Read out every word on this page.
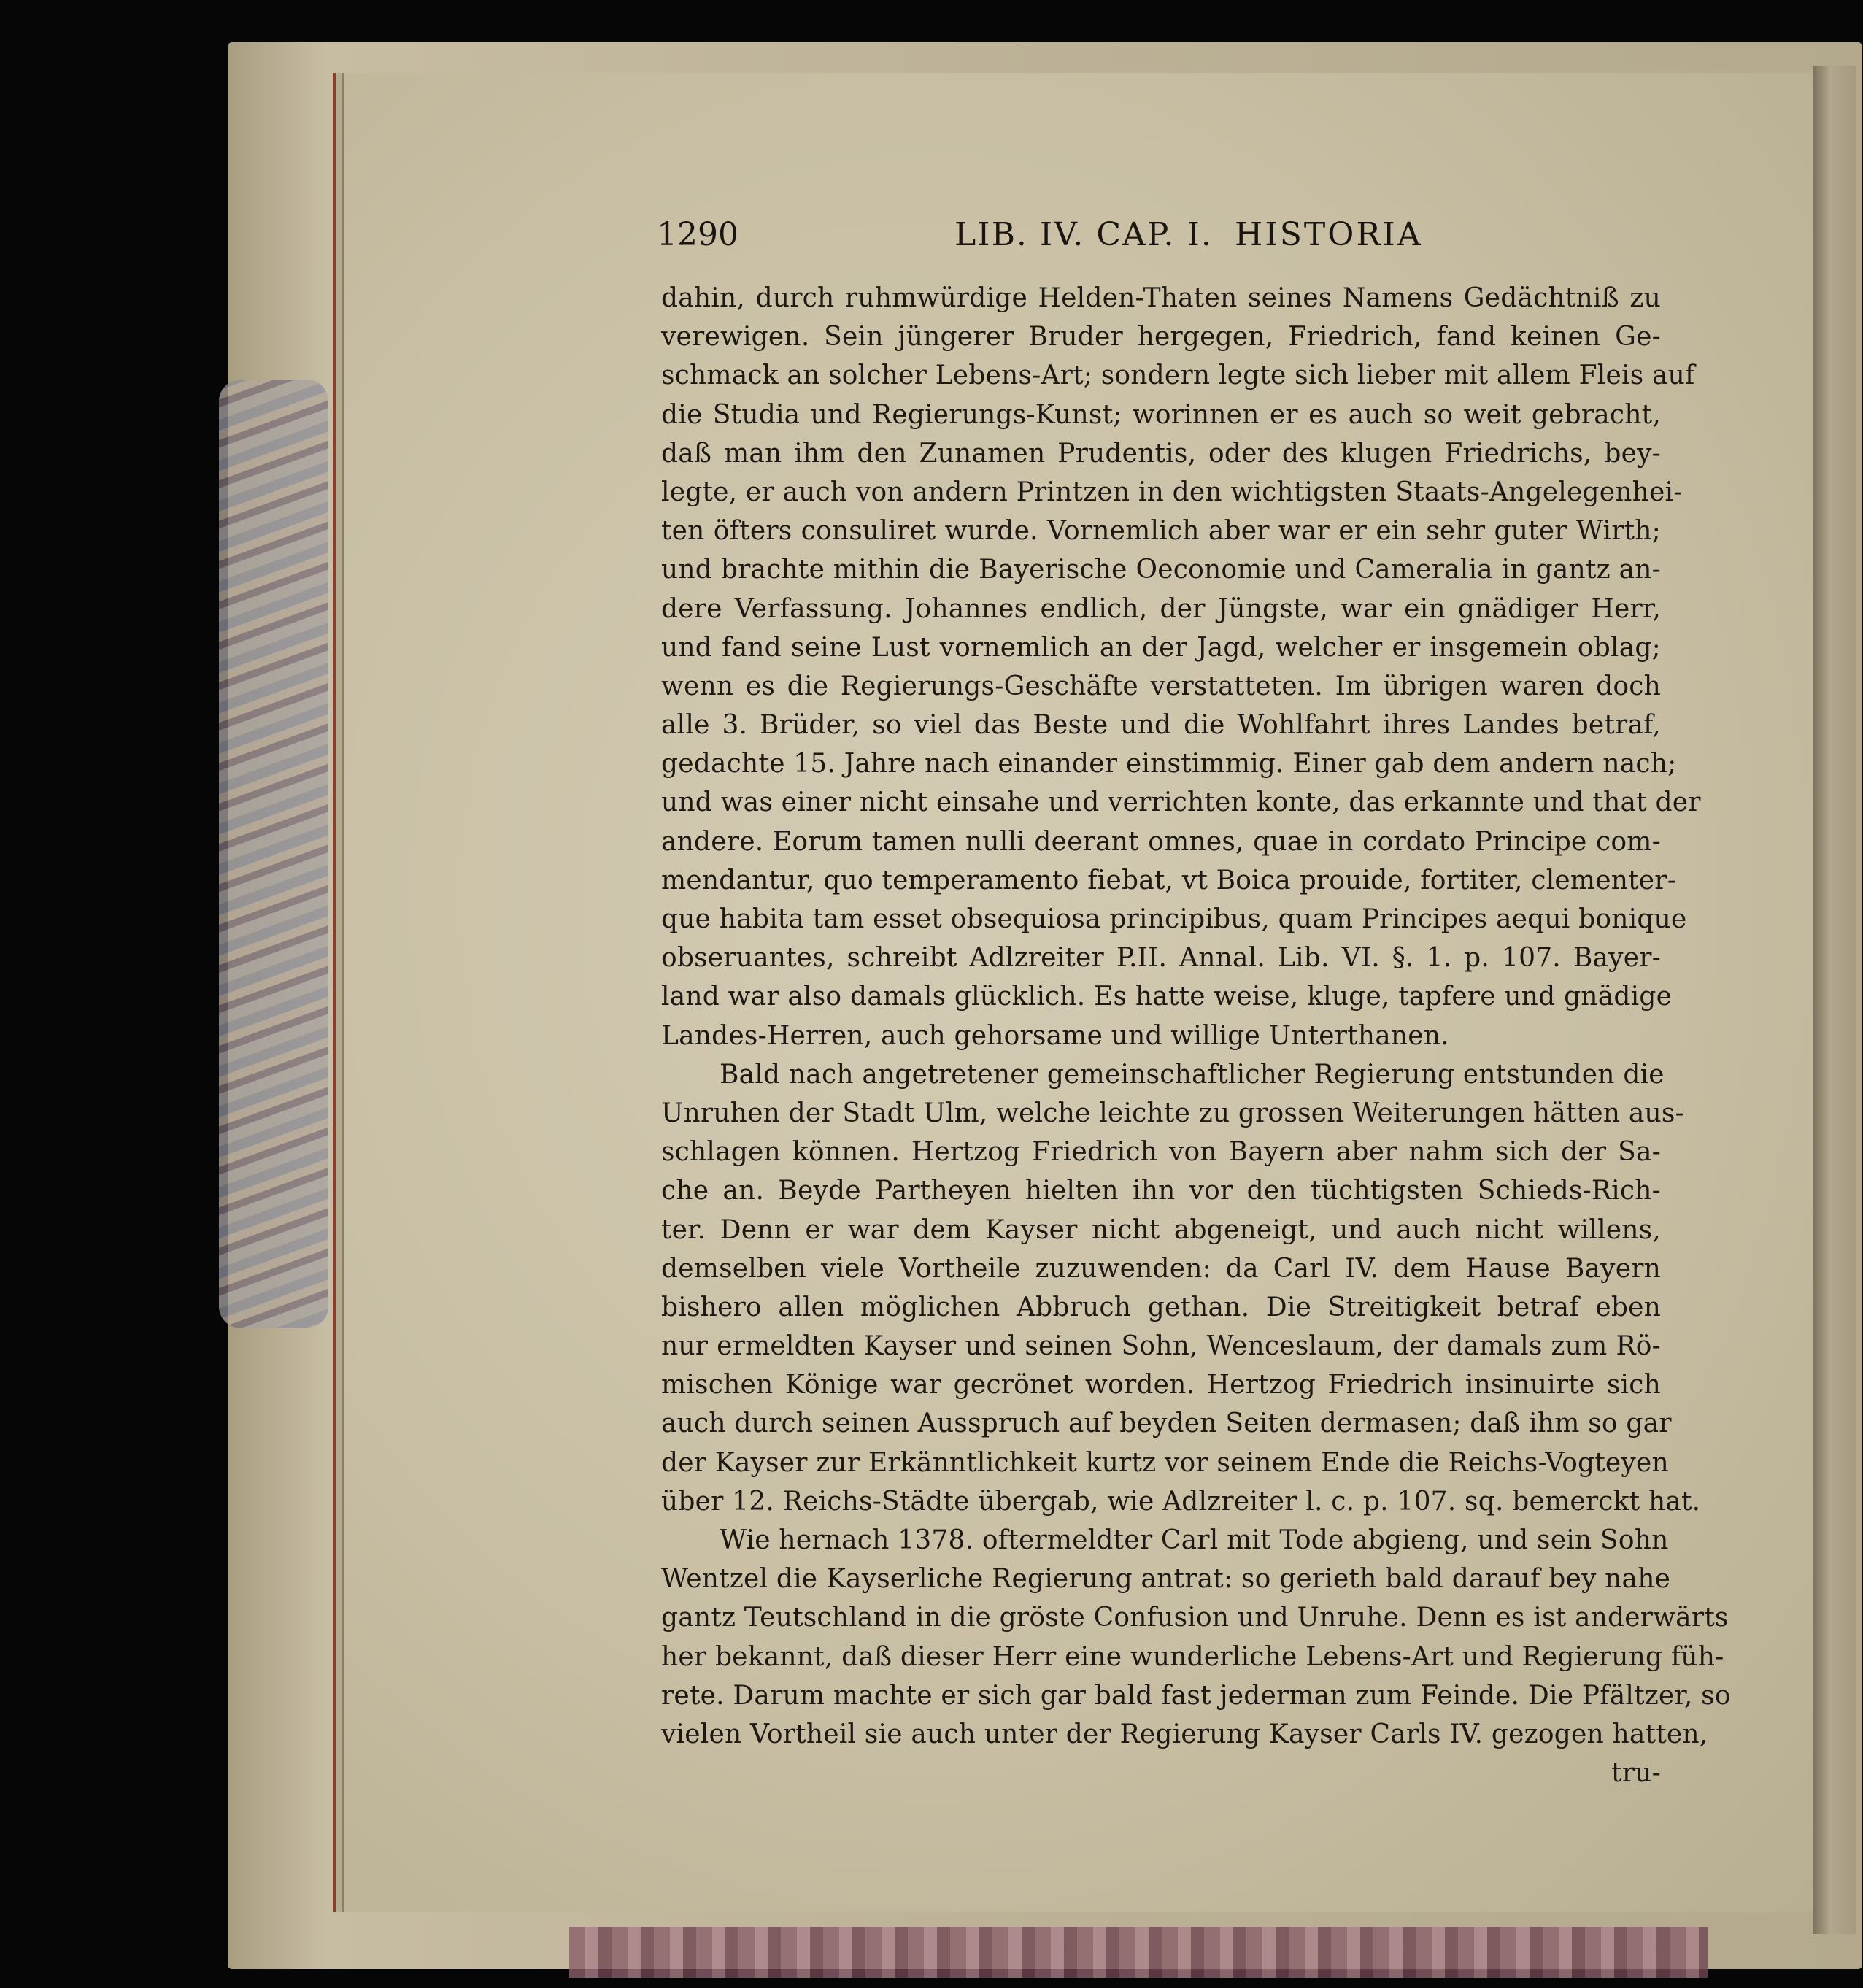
1290	LIB. IV. CAP. I. HISTORIA
dahin, durch ruhmwürdige Helden-Thaten seines Namens Gedächtniß zu
verewigen. Sein jüngerer Bruder hergegen, Friedrich, fand keinen Ge-
schmack an solcher Lebens-Art; sondern legte sich lieber mit allem Fleis auf
die Studia und Regierungs-Kunst; worinnen er es auch so weit gebracht,
daß man ihm den Zunamen Prudentis, oder des klugen Friedrichs, bey-
legte, er auch von andern Printzen in den wichtigsten Staats-Angelegenhei-
ten öfters consuliret wurde. Vornemlich aber war er ein sehr guter Wirth;
und brachte mithin die Bayerische Oeconomie und Cameralia in gantz an-
dere Verfassung. Johannes endlich, der Jüngste, war ein gnädiger Herr,
und fand seine Lust vornemlich an der Jagd, welcher er insgemein oblag;
wenn es die Regierungs-Geschäfte verstatteten. Im übrigen waren doch
alle 3. Brüder, so viel das Beste und die Wohlfahrt ihres Landes betraf,
gedachte 15. Jahre nach einander einstimmig. Einer gab dem andern nach;
und was einer nicht einsahe und verrichten konte, das erkannte und that der
andere. Eorum tamen nulli deerant omnes, quae in cordato Principe com-
mendantur, quo temperamento fiebat, vt Boica prouide, fortiter, clementer-
que habita tam esset obsequiosa principibus, quam Principes aequi bonique
obseruantes, schreibt Adlzreiter P.II. Annal. Lib. VI. §. 1. p. 107. Bayer-
land war also damals glücklich. Es hatte weise, kluge, tapfere und gnädige
Landes-Herren, auch gehorsame und willige Unterthanen.
Bald nach angetretener gemeinschaftlicher Regierung entstunden die
Unruhen der Stadt Ulm, welche leichte zu grossen Weiterungen hätten aus-
schlagen können. Hertzog Friedrich von Bayern aber nahm sich der Sa-
che an. Beyde Partheyen hielten ihn vor den tüchtigsten Schieds-Rich-
ter. Denn er war dem Kayser nicht abgeneigt, und auch nicht willens,
demselben viele Vortheile zuzuwenden: da Carl IV. dem Hause Bayern
bishero allen möglichen Abbruch gethan. Die Streitigkeit betraf eben
nur ermeldten Kayser und seinen Sohn, Wenceslaum, der damals zum Rö-
mischen Könige war gecrönet worden. Hertzog Friedrich insinuirte sich
auch durch seinen Ausspruch auf beyden Seiten dermasen; daß ihm so gar
der Kayser zur Erkänntlichkeit kurtz vor seinem Ende die Reichs-Vogteyen
über 12. Reichs-Städte übergab, wie Adlzreiter l. c. p. 107. sq. bemerckt hat.
Wie hernach 1378. oftermeldter Carl mit Tode abgieng, und sein Sohn
Wentzel die Kayserliche Regierung antrat: so gerieth bald darauf bey nahe
gantz Teutschland in die gröste Confusion und Unruhe. Denn es ist anderwärts
her bekannt, daß dieser Herr eine wunderliche Lebens-Art und Regierung füh-
rete. Darum machte er sich gar bald fast jederman zum Feinde. Die Pfältzer, so
vielen Vortheil sie auch unter der Regierung Kayser Carls IV. gezogen hatten,
tru-
